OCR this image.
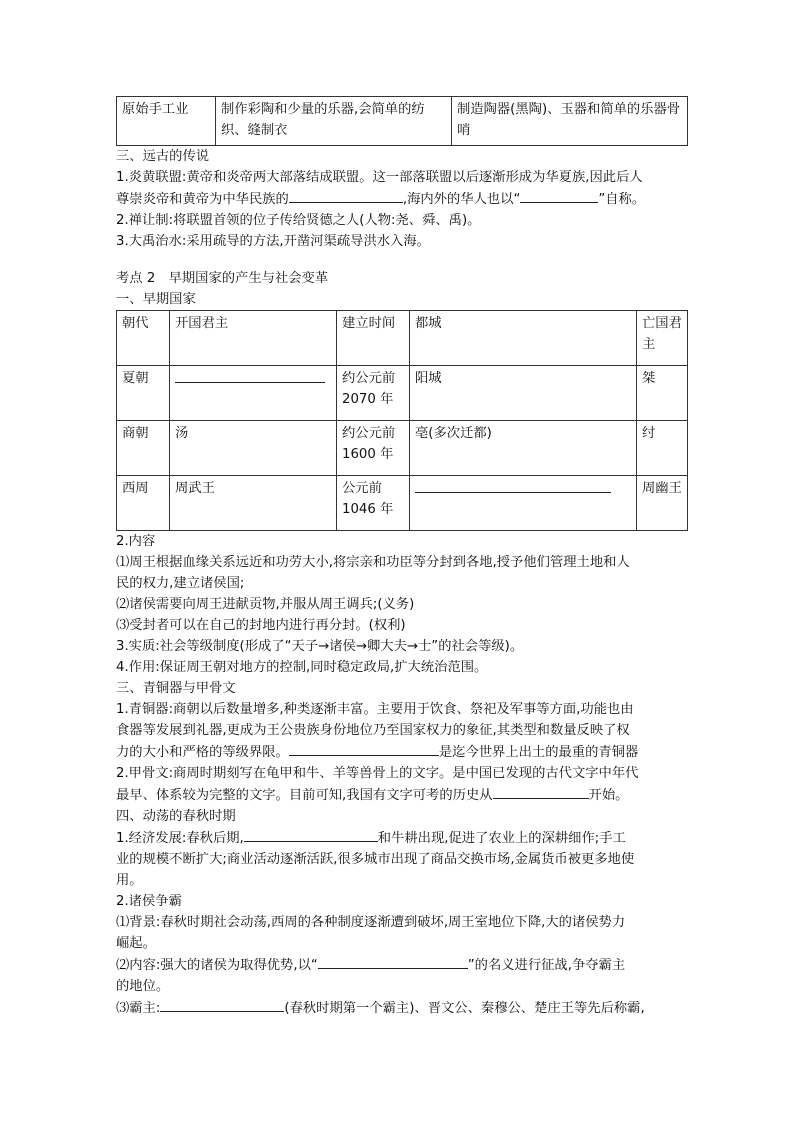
原始手工业	制作彩陶和少量的乐器,会简单的纺织、缝制衣	制造陶器(黑陶)、玉器和简单的乐器骨哨

三、远古的传说

1.炎黄联盟:黄帝和炎帝两大部落结成联盟。这一部落联盟以后逐渐形成为华夏族,因此后人

尊崇炎帝和黄帝为中华民族的	,海内外的华人也以“	”自称。

2.禅让制:将联盟首领的位子传给贤德之人(人物:尧、舜、禹)。

3.大禹治水:采用疏导的方法,开凿河渠疏导洪水入海。

考点 2　早期国家的产生与社会变革

一、早期国家

朝代	开国君主	建立时间	都城	亡国君主
夏朝		约公元前2070 年	阳城	桀
商朝	汤	约公元前1600 年	亳(多次迁都)	纣
西周	周武王	公元前1046 年		周幽王

2.内容

⑴周王根据血缘关系远近和功劳大小,将宗亲和功臣等分封到各地,授予他们管理土地和人

民的权力,建立诸侯国;

⑵诸侯需要向周王进献贡物,并服从周王调兵;(义务)

⑶受封者可以在自己的封地内进行再分封。(权利)

3.实质:社会等级制度(形成了“天子→诸侯→卿大夫→士”的社会等级)。

4.作用:保证周王朝对地方的控制,同时稳定政局,扩大统治范围。

三、青铜器与甲骨文

1.青铜器:商朝以后数量增多,种类逐渐丰富。主要用于饮食、祭祀及军事等方面,功能也由

食器等发展到礼器,更成为王公贵族身份地位乃至国家权力的象征,其类型和数量反映了权

力的大小和严格的等级界限。	是迄今世界上出土的最重的青铜器

2.甲骨文:商周时期刻写在龟甲和牛、羊等兽骨上的文字。是中国已发现的古代文字中年代

最早、体系较为完整的文字。目前可知,我国有文字可考的历史从	开始。

四、动荡的春秋时期

1.经济发展:春秋后期,	和牛耕出现,促进了农业上的深耕细作;手工

业的规模不断扩大;商业活动逐渐活跃,很多城市出现了商品交换市场,金属货币被更多地使

用。

2.诸侯争霸

⑴背景:春秋时期社会动荡,西周的各种制度逐渐遭到破坏,周王室地位下降,大的诸侯势力

崛起。

⑵内容:强大的诸侯为取得优势,以“	”的名义进行征战,争夺霸主

的地位。

⑶霸主:	(春秋时期第一个霸主)、晋文公、秦穆公、楚庄王等先后称霸,
